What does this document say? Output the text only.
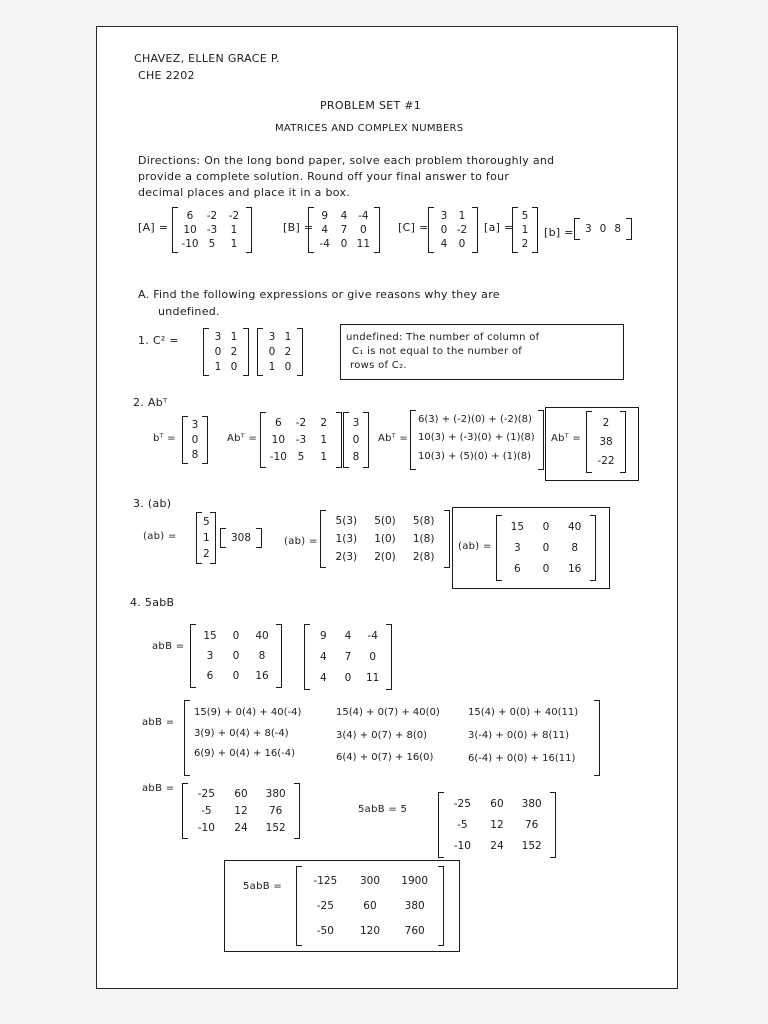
CHAVEZ, ELLEN GRACE P.
CHE 2202
PROBLEM SET #1
MATRICES AND COMPLEX NUMBERS
Directions: On the long bond paper, solve each problem thoroughly and
provide a complete solution. Round off your final answer to four
decimal places and place it in a box.
[A] =
6 -2 -2
10 -3 1
-10 5 1
[B] =
9 4 -4
4 7 0
-4 0 11
[C] =
3 1
0 -2
4 0
[a] =
5
1
2
[b] = 3 0 8
A. Find the following expressions or give reasons why they are
undefined.
1. C² =	3 1
0 2
1 0
3 1
0 2
1 0
undefined: The number of column of
C₁ is not equal to the number of
rows of C₂.
2. Abᵀ
bᵀ =
3
0
8
Abᵀ =
6 -2 2
10 -3 1
-10 5 1
3
0
8
Abᵀ =
6(3) + (-2)(0) + (-2)(8)
10(3) + (-3)(0) + (1)(8)
10(3) + (5)(0) + (1)(8)
Abᵀ =
2
38
-22
3. (ab)
(ab) =
5
1
2
308	(ab) =
5(3) 5(0) 5(8)
1(3) 1(0) 1(8)
2(3) 2(0) 2(8)
(ab) =
15 0 40
3 0 8
6 0 16
4. 5abB
abB =
15 0 40
3 0 8
6 0 16
9 4 -4
4 7 0
4 0 11
abB =
15(9) + 0(4) + 40(-4)	15(4) + 0(7) + 40(0)	15(4) + 0(0) + 40(11)
3(9) + 0(4) + 8(-4)	3(4) + 0(7) + 8(0)	3(-4) + 0(0) + 8(11)
6(9) + 0(4) + 16(-4)	6(4) + 0(7) + 16(0)	6(-4) + 0(0) + 16(11)
abB = -25 60 380
-5 12 76
-10 24 152
5abB = 5	-25 60 380
-5 12 76
-10 24 152
5abB =	-125 300 1900
-25	60	380
-50 120 760
